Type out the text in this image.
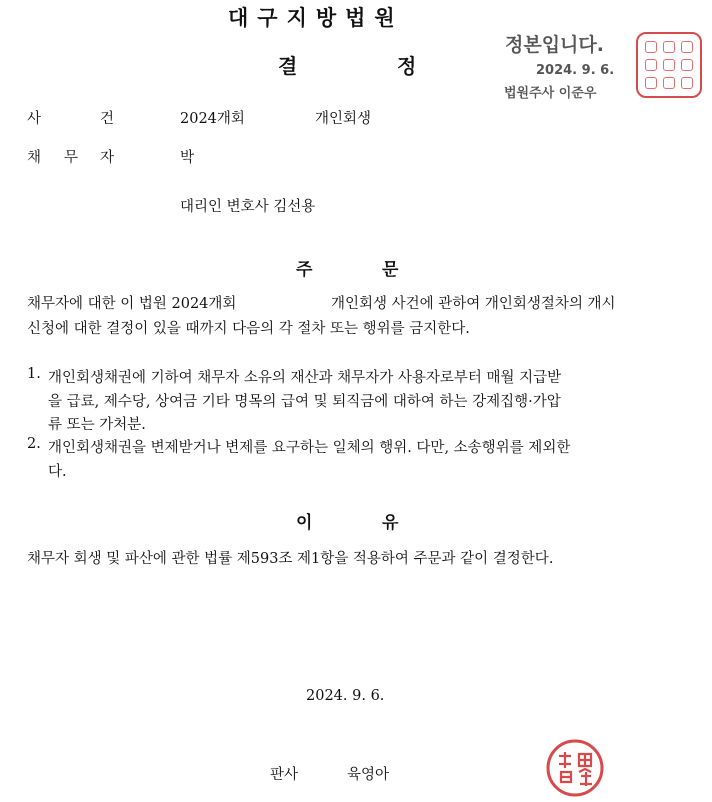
대구지방법원
결	정
정본입니다.
2024. 9. 6.
법원주사 이준우
사	건	2024개회	개인회생
채 무 자	박
대리인 변호사 김선용
주	문
채무자에 대한 이 법원 2024개회	개인회생 사건에 관하여 개인회생절차의 개시
신청에 대한 결정이 있을 때까지 다음의 각 절차 또는 행위를 금지한다.
1. 개인회생채권에 기하여 채무자 소유의 재산과 채무자가 사용자로부터 매월 지급받
을 급료, 제수당, 상여금 기타 명목의 급여 및 퇴직금에 대하여 하는 강제집행·가압
류 또는 가처분.
2. 개인회생채권을 변제받거나 변제를 요구하는 일체의 행위. 다만, 소송행위를 제외한
다.
이	유
채무자 회생 및 파산에 관한 법률 제593조 제1항을 적용하여 주문과 같이 결정한다.
2024. 9. 6.
판사	육영아
